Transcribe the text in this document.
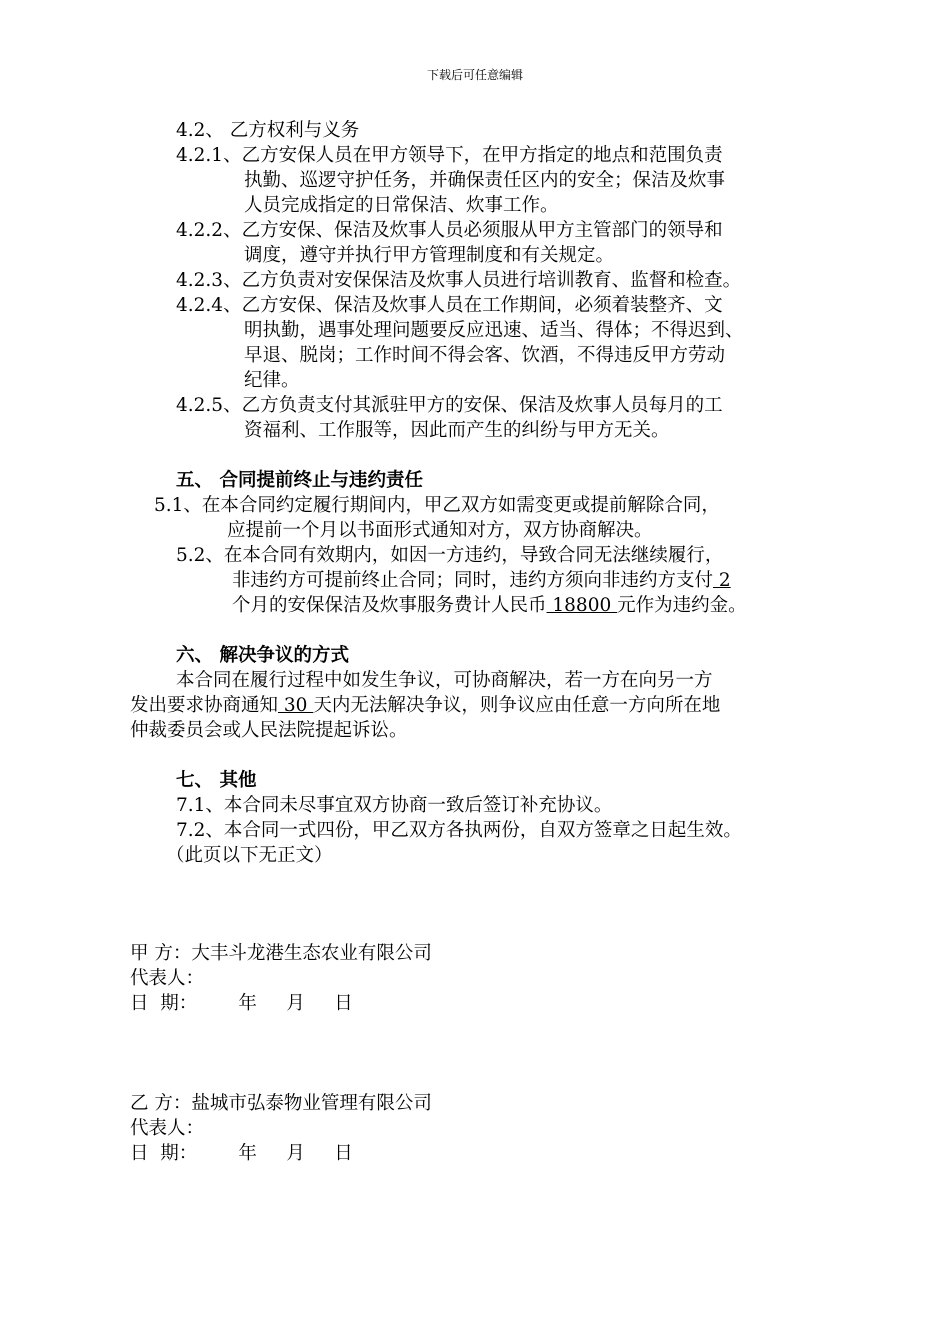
下载后可任意编辑
4.2、 乙方权利与义务
4.2.1、乙方安保人员在甲方领导下，在甲方指定的地点和范围负责
执勤、巡逻守护任务，并确保责任区内的安全；保洁及炊事
人员完成指定的日常保洁、炊事工作。
4.2.2、乙方安保、保洁及炊事人员必须服从甲方主管部门的领导和
调度，遵守并执行甲方管理制度和有关规定。
4.2.3、乙方负责对安保保洁及炊事人员进行培训教育、监督和检查。
4.2.4、乙方安保、保洁及炊事人员在工作期间，必须着装整齐、文
明执勤，遇事处理问题要反应迅速、适当、得体；不得迟到、
早退、脱岗；工作时间不得会客、饮酒，不得违反甲方劳动
纪律。
4.2.5、乙方负责支付其派驻甲方的安保、保洁及炊事人员每月的工
资福利、工作服等，因此而产生的纠纷与甲方无关。
五、 合同提前终止与违约责任
5.1、在本合同约定履行期间内，甲乙双方如需变更或提前解除合同，
应提前一个月以书面形式通知对方，双方协商解决。
5.2、在本合同有效期内，如因一方违约，导致合同无法继续履行，
非违约方可提前终止合同；同时，违约方须向非违约方支付 2
个月的安保保洁及炊事服务费计人民币 18800 元作为违约金。
六、 解决争议的方式
本合同在履行过程中如发生争议，可协商解决，若一方在向另一方
发出要求协商通知 30 天内无法解决争议，则争议应由任意一方向所在地
仲裁委员会或人民法院提起诉讼。
七、 其他
7.1、本合同未尽事宜双方协商一致后签订补充协议。
7.2、本合同一式四份，甲乙双方各执两份，自双方签章之日起生效。
（此页以下无正文）
甲 方：大丰斗龙港生态农业有限公司
代表人：
日  期：       年     月     日
乙 方：盐城市弘泰物业管理有限公司
代表人：
日  期：       年     月     日
